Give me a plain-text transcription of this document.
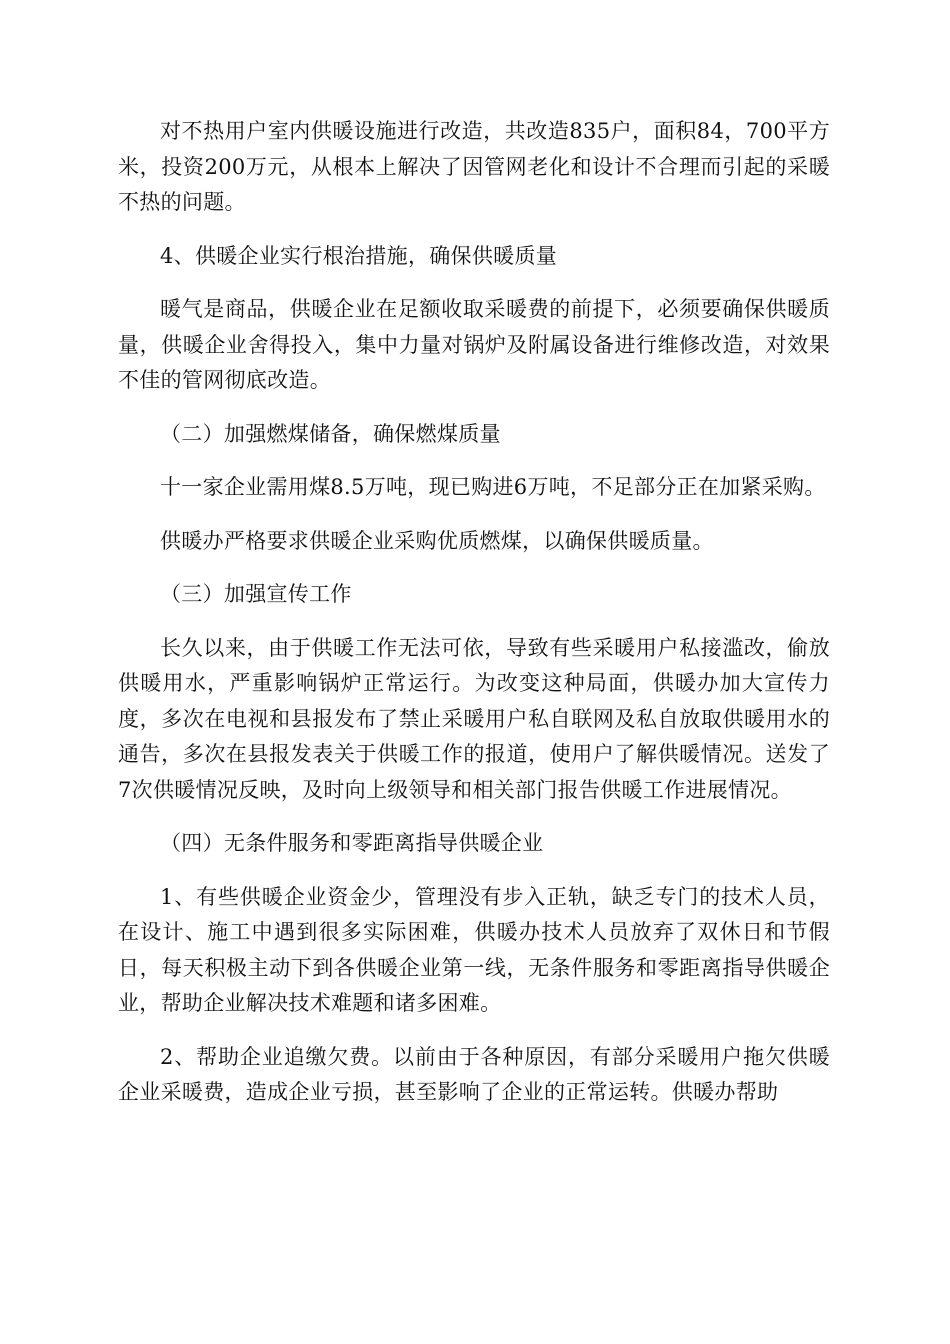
对不热用户室内供暖设施进行改造，共改造835户，面积84，700平方米，投资200万元，从根本上解决了因管网老化和设计不合理而引起的采暖不热的问题。

4、供暖企业实行根治措施，确保供暖质量

暖气是商品，供暖企业在足额收取采暖费的前提下，必须要确保供暖质量，供暖企业舍得投入，集中力量对锅炉及附属设备进行维修改造，对效果不佳的管网彻底改造。

（二）加强燃煤储备，确保燃煤质量

十一家企业需用煤8.5万吨，现已购进6万吨，不足部分正在加紧采购。

供暖办严格要求供暖企业采购优质燃煤，以确保供暖质量。

（三）加强宣传工作

长久以来，由于供暖工作无法可依，导致有些采暖用户私接滥改，偷放供暖用水，严重影响锅炉正常运行。为改变这种局面，供暖办加大宣传力度，多次在电视和县报发布了禁止采暖用户私自联网及私自放取供暖用水的通告，多次在县报发表关于供暖工作的报道，使用户了解供暖情况。送发了7次供暖情况反映，及时向上级领导和相关部门报告供暖工作进展情况。

（四）无条件服务和零距离指导供暖企业

1、有些供暖企业资金少，管理没有步入正轨，缺乏专门的技术人员，在设计、施工中遇到很多实际困难，供暖办技术人员放弃了双休日和节假日，每天积极主动下到各供暖企业第一线，无条件服务和零距离指导供暖企业，帮助企业解决技术难题和诸多困难。

2、帮助企业追缴欠费。以前由于各种原因，有部分采暖用户拖欠供暖企业采暖费，造成企业亏损，甚至影响了企业的正常运转。供暖办帮助
